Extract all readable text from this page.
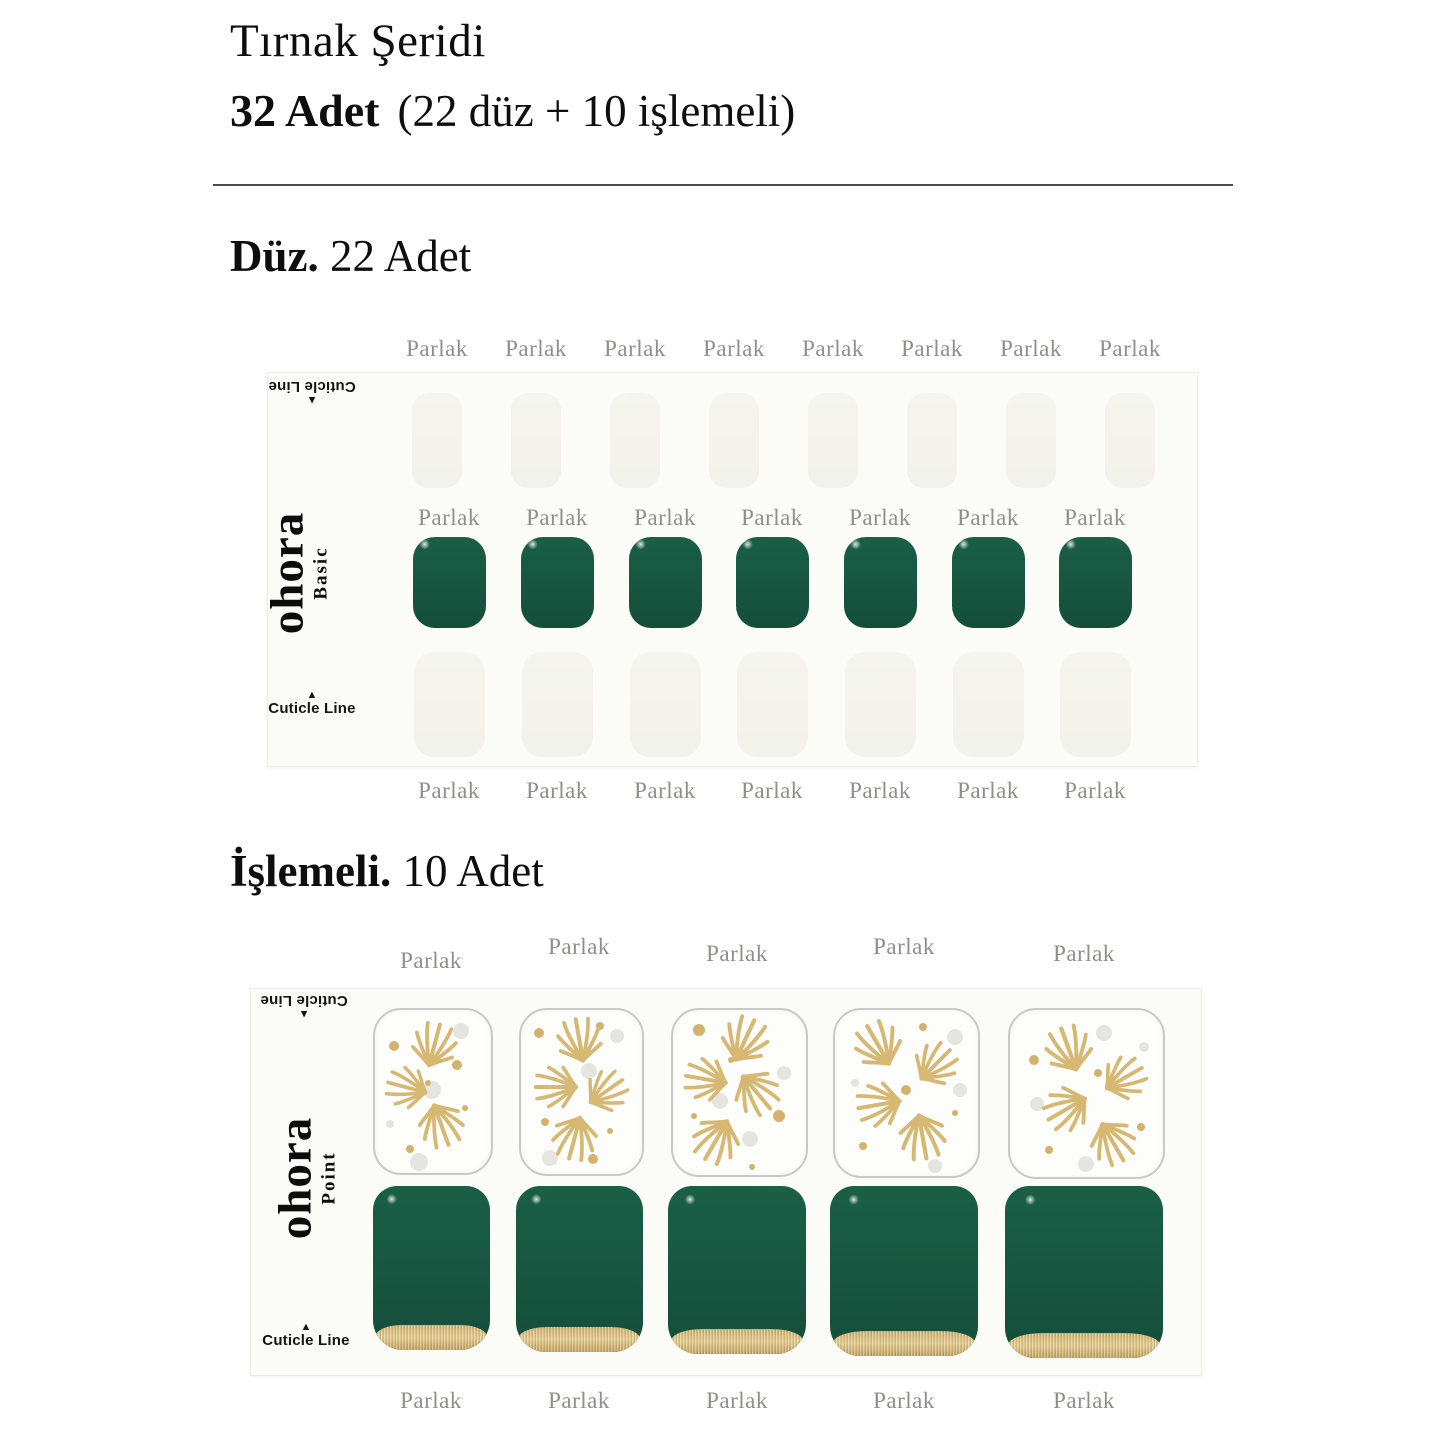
Tırnak Şeridi
32 Adet (22 düz + 10 işlemeli)
Düz. 22 Adet
▲
Cuticle Line
ohora
Basic
▲
Cuticle Line
İşlemeli. 10 Adet
▲
Cuticle Line
ohora
Point
▲
Cuticle Line
Parlak Parlak Parlak Parlak Parlak Parlak Parlak Parlak
Parlak Parlak Parlak Parlak Parlak Parlak Parlak
Parlak Parlak Parlak Parlak Parlak Parlak Parlak
Parlak
Parlak	Parlak	Parlak	Parlak
Parlak	Parlak	Parlak	Parlak	Parlak
